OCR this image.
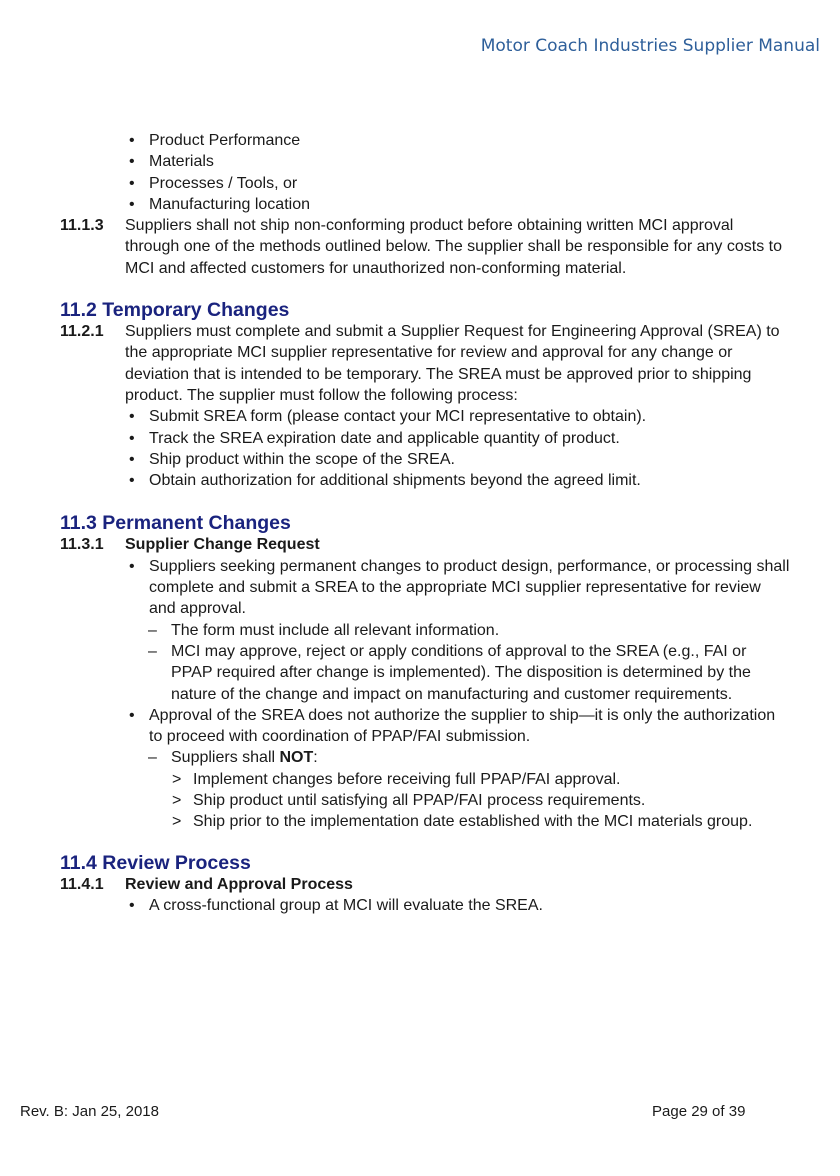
Motor Coach Industries Supplier Manual
• Product Performance
• Materials
• Processes / Tools, or
• Manufacturing location
11.1.3	Suppliers shall not ship non-conforming product before obtaining written MCI approval through one of the methods outlined below. The supplier shall be responsible for any costs to MCI and affected customers for unauthorized non-conforming material.
11.2 Temporary Changes
11.2.1	Suppliers must complete and submit a Supplier Request for Engineering Approval (SREA) to the appropriate MCI supplier representative for review and approval for any change or deviation that is intended to be temporary. The SREA must be approved prior to shipping product. The supplier must follow the following process:
• Submit SREA form (please contact your MCI representative to obtain).
• Track the SREA expiration date and applicable quantity of product.
• Ship product within the scope of the SREA.
• Obtain authorization for additional shipments beyond the agreed limit.
11.3 Permanent Changes
11.3.1	Supplier Change Request
• Suppliers seeking permanent changes to product design, performance, or processing shall complete and submit a SREA to the appropriate MCI supplier representative for review and approval.
– The form must include all relevant information.
– MCI may approve, reject or apply conditions of approval to the SREA (e.g., FAI or PPAP required after change is implemented). The disposition is determined by the nature of the change and impact on manufacturing and customer requirements.
• Approval of the SREA does not authorize the supplier to ship—it is only the authorization to proceed with coordination of PPAP/FAI submission.
– Suppliers shall NOT:
> Implement changes before receiving full PPAP/FAI approval.
> Ship product until satisfying all PPAP/FAI process requirements.
> Ship prior to the implementation date established with the MCI materials group.
11.4 Review Process
11.4.1	Review and Approval Process
• A cross-functional group at MCI will evaluate the SREA.
Rev. B: Jan 25, 2018	Page 29 of 39
